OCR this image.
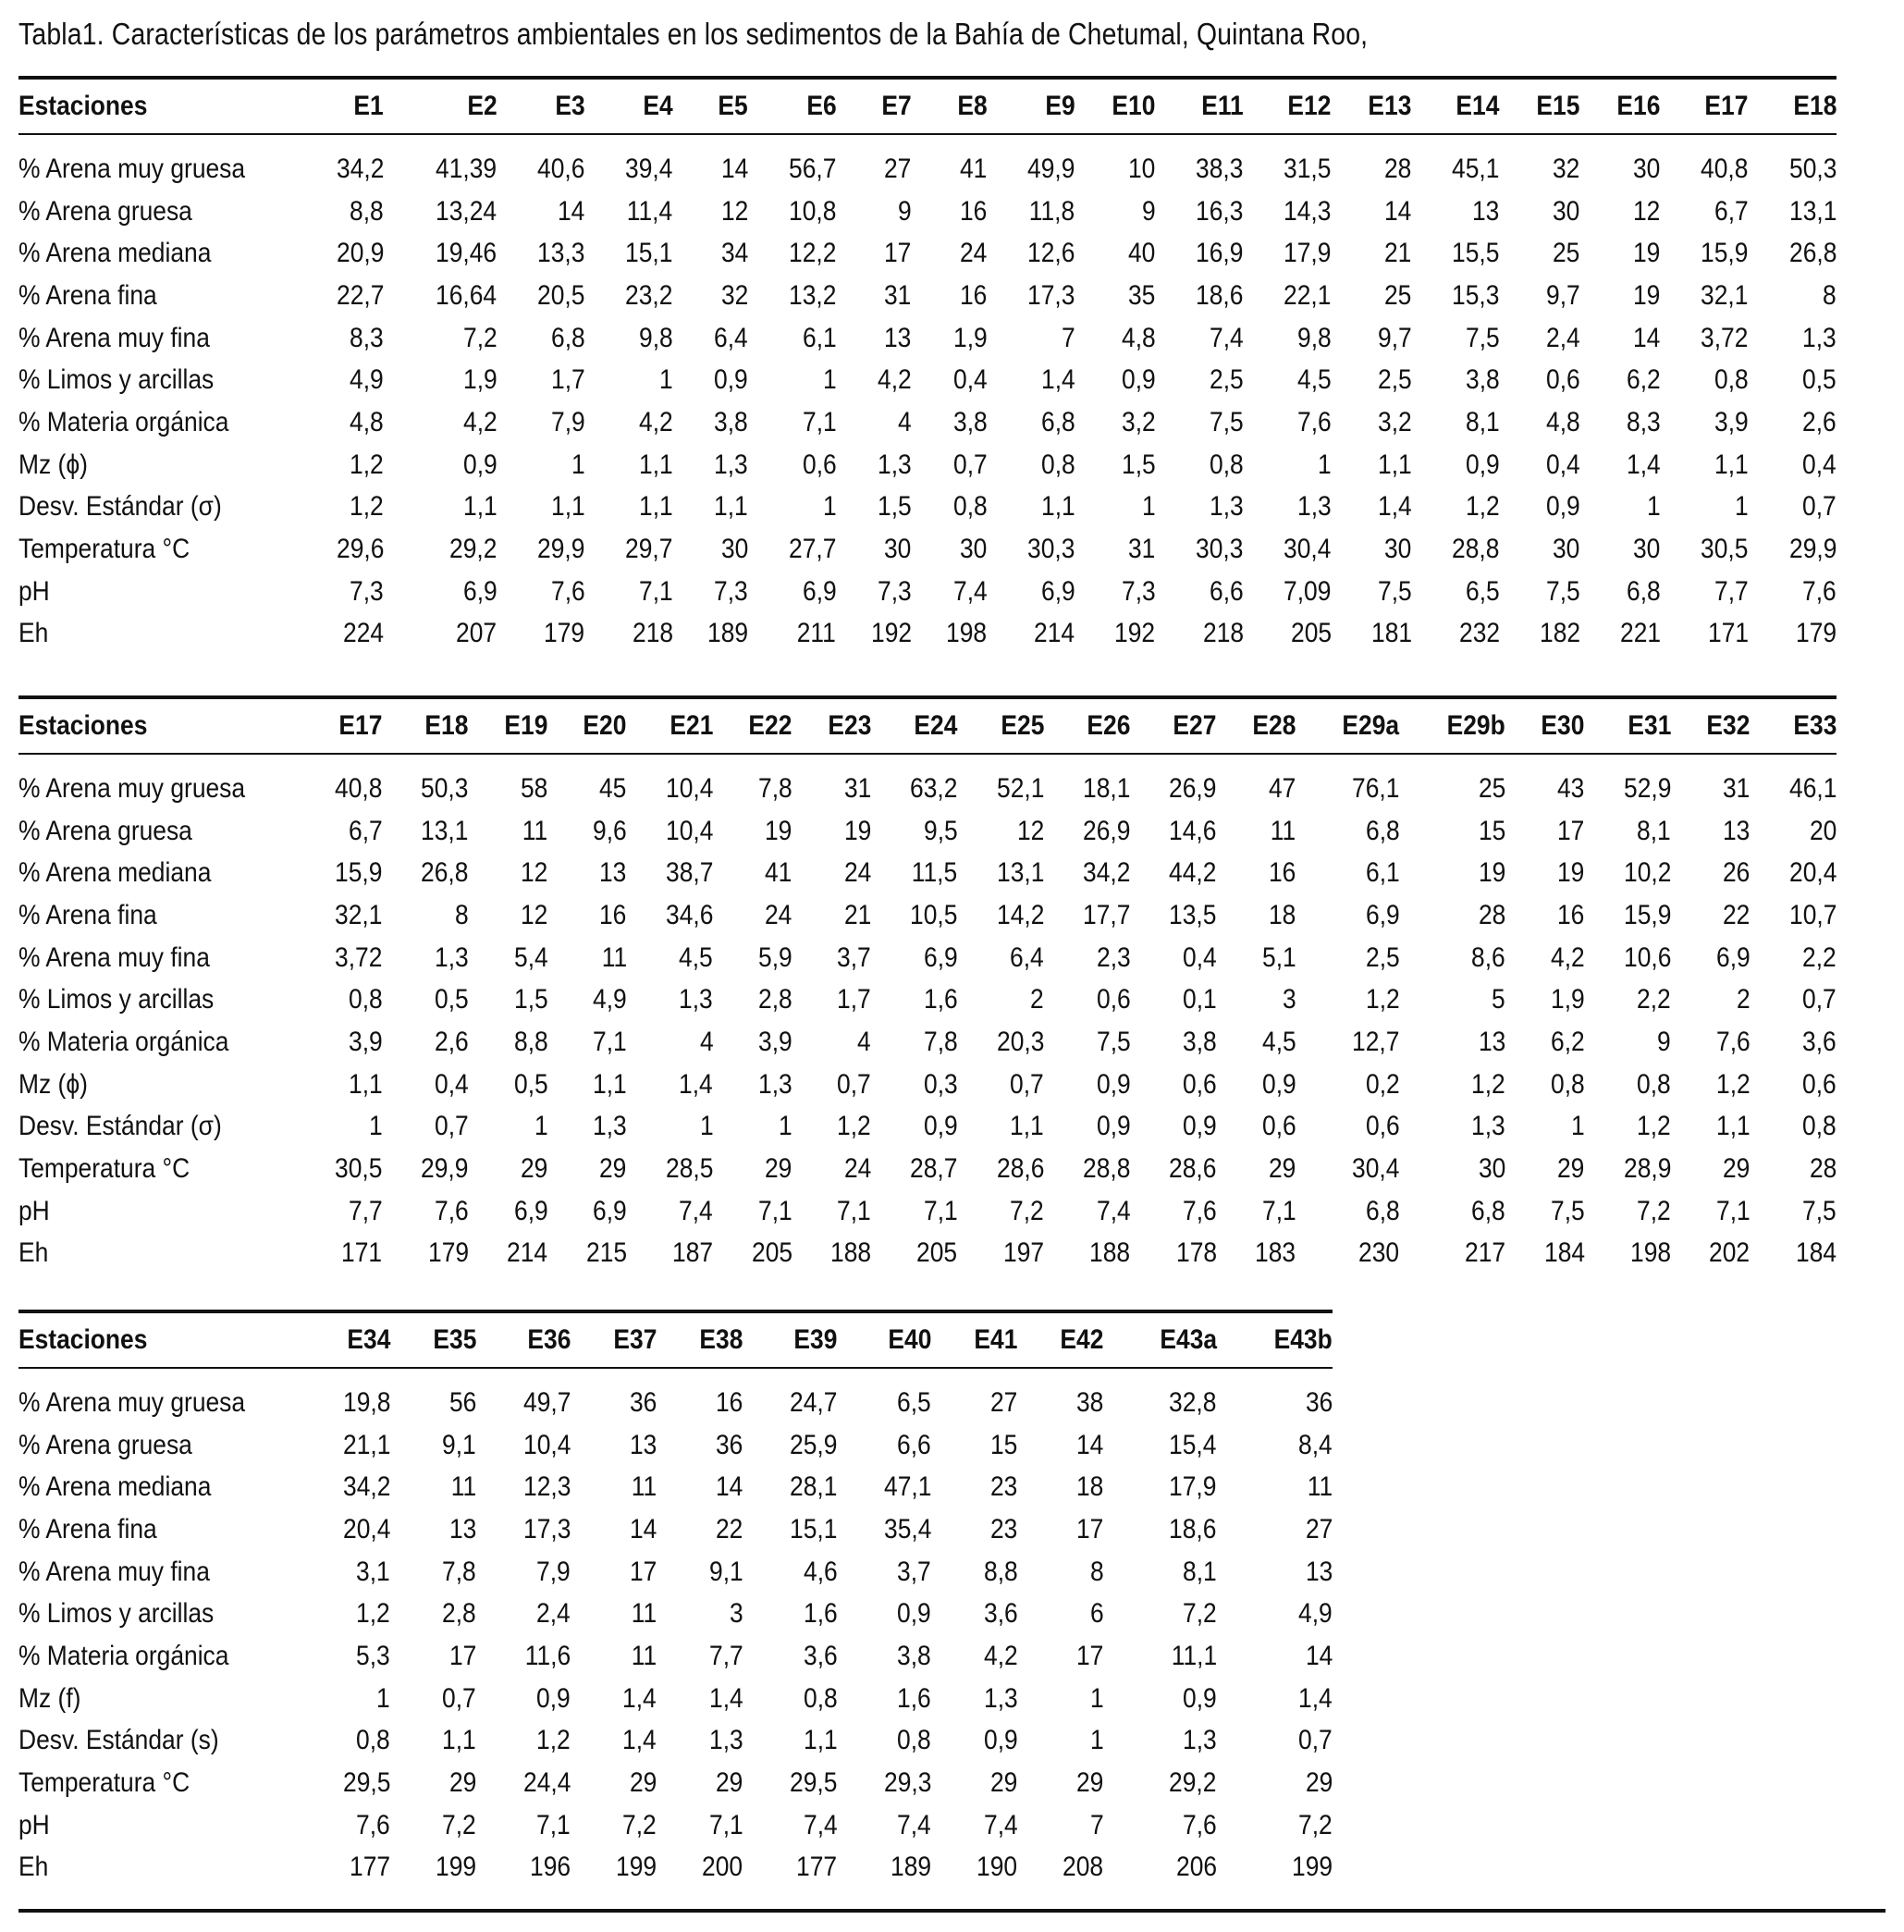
Tabla1. Características de los parámetros ambientales en los sedimentos de la Bahía de Chetumal, Quintana Roo,
Estaciones	E1	E2	E3	E4	E5	E6	E7	E8	E9	E10	E11	E12	E13	E14	E15	E16	E17	E18
% Arena muy gruesa	34,2	41,39	40,6	39,4	14	56,7	27	41	49,9	10	38,3	31,5	28	45,1	32	30	40,8	50,3
% Arena gruesa	8,8	13,24	14	11,4	12	10,8	9	16	11,8	9	16,3	14,3	14	13	30	12	6,7	13,1
% Arena mediana	20,9	19,46	13,3	15,1	34	12,2	17	24	12,6	40	16,9	17,9	21	15,5	25	19	15,9	26,8
% Arena fina	22,7	16,64	20,5	23,2	32	13,2	31	16	17,3	35	18,6	22,1	25	15,3	9,7	19	32,1	8
% Arena muy fina	8,3	7,2	6,8	9,8	6,4	6,1	13	1,9	7	4,8	7,4	9,8	9,7	7,5	2,4	14	3,72	1,3
% Limos y arcillas	4,9	1,9	1,7	1	0,9	1	4,2	0,4	1,4	0,9	2,5	4,5	2,5	3,8	0,6	6,2	0,8	0,5
% Materia orgánica	4,8	4,2	7,9	4,2	3,8	7,1	4	3,8	6,8	3,2	7,5	7,6	3,2	8,1	4,8	8,3	3,9	2,6
Mz (ϕ)	1,2	0,9	1	1,1	1,3	0,6	1,3	0,7	0,8	1,5	0,8	1	1,1	0,9	0,4	1,4	1,1	0,4
Desv. Estándar (σ)	1,2	1,1	1,1	1,1	1,1	1	1,5	0,8	1,1	1	1,3	1,3	1,4	1,2	0,9	1	1	0,7
Temperatura °C	29,6	29,2	29,9	29,7	30	27,7	30	30	30,3	31	30,3	30,4	30	28,8	30	30	30,5	29,9
pH	7,3	6,9	7,6	7,1	7,3	6,9	7,3	7,4	6,9	7,3	6,6	7,09	7,5	6,5	7,5	6,8	7,7	7,6
Eh	224	207	179	218	189	211	192	198	214	192	218	205	181	232	182	221	171	179
Estaciones	E17	E18	E19	E20	E21	E22	E23	E24	E25	E26	E27	E28	E29a	E29b	E30	E31	E32	E33
% Arena muy gruesa	40,8	50,3	58	45	10,4	7,8	31	63,2	52,1	18,1	26,9	47	76,1	25	43	52,9	31	46,1
% Arena gruesa	6,7	13,1	11	9,6	10,4	19	19	9,5	12	26,9	14,6	11	6,8	15	17	8,1	13	20
% Arena mediana	15,9	26,8	12	13	38,7	41	24	11,5	13,1	34,2	44,2	16	6,1	19	19	10,2	26	20,4
% Arena fina	32,1	8	12	16	34,6	24	21	10,5	14,2	17,7	13,5	18	6,9	28	16	15,9	22	10,7
% Arena muy fina	3,72	1,3	5,4	11	4,5	5,9	3,7	6,9	6,4	2,3	0,4	5,1	2,5	8,6	4,2	10,6	6,9	2,2
% Limos y arcillas	0,8	0,5	1,5	4,9	1,3	2,8	1,7	1,6	2	0,6	0,1	3	1,2	5	1,9	2,2	2	0,7
% Materia orgánica	3,9	2,6	8,8	7,1	4	3,9	4	7,8	20,3	7,5	3,8	4,5	12,7	13	6,2	9	7,6	3,6
Mz (ϕ)	1,1	0,4	0,5	1,1	1,4	1,3	0,7	0,3	0,7	0,9	0,6	0,9	0,2	1,2	0,8	0,8	1,2	0,6
Desv. Estándar (σ)	1	0,7	1	1,3	1	1	1,2	0,9	1,1	0,9	0,9	0,6	0,6	1,3	1	1,2	1,1	0,8
Temperatura °C	30,5	29,9	29	29	28,5	29	24	28,7	28,6	28,8	28,6	29	30,4	30	29	28,9	29	28
pH	7,7	7,6	6,9	6,9	7,4	7,1	7,1	7,1	7,2	7,4	7,6	7,1	6,8	6,8	7,5	7,2	7,1	7,5
Eh	171	179	214	215	187	205	188	205	197	188	178	183	230	217	184	198	202	184
Estaciones	E34	E35	E36	E37	E38	E39	E40	E41	E42	E43a	E43b
% Arena muy gruesa	19,8	56	49,7	36	16	24,7	6,5	27	38	32,8	36
% Arena gruesa	21,1	9,1	10,4	13	36	25,9	6,6	15	14	15,4	8,4
% Arena mediana	34,2	11	12,3	11	14	28,1	47,1	23	18	17,9	11
% Arena fina	20,4	13	17,3	14	22	15,1	35,4	23	17	18,6	27
% Arena muy fina	3,1	7,8	7,9	17	9,1	4,6	3,7	8,8	8	8,1	13
% Limos y arcillas	1,2	2,8	2,4	11	3	1,6	0,9	3,6	6	7,2	4,9
% Materia orgánica	5,3	17	11,6	11	7,7	3,6	3,8	4,2	17	11,1	14
Mz (f)	1	0,7	0,9	1,4	1,4	0,8	1,6	1,3	1	0,9	1,4
Desv. Estándar (s)	0,8	1,1	1,2	1,4	1,3	1,1	0,8	0,9	1	1,3	0,7
Temperatura °C	29,5	29	24,4	29	29	29,5	29,3	29	29	29,2	29
pH	7,6	7,2	7,1	7,2	7,1	7,4	7,4	7,4	7	7,6	7,2
Eh	177	199	196	199	200	177	189	190	208	206	199
